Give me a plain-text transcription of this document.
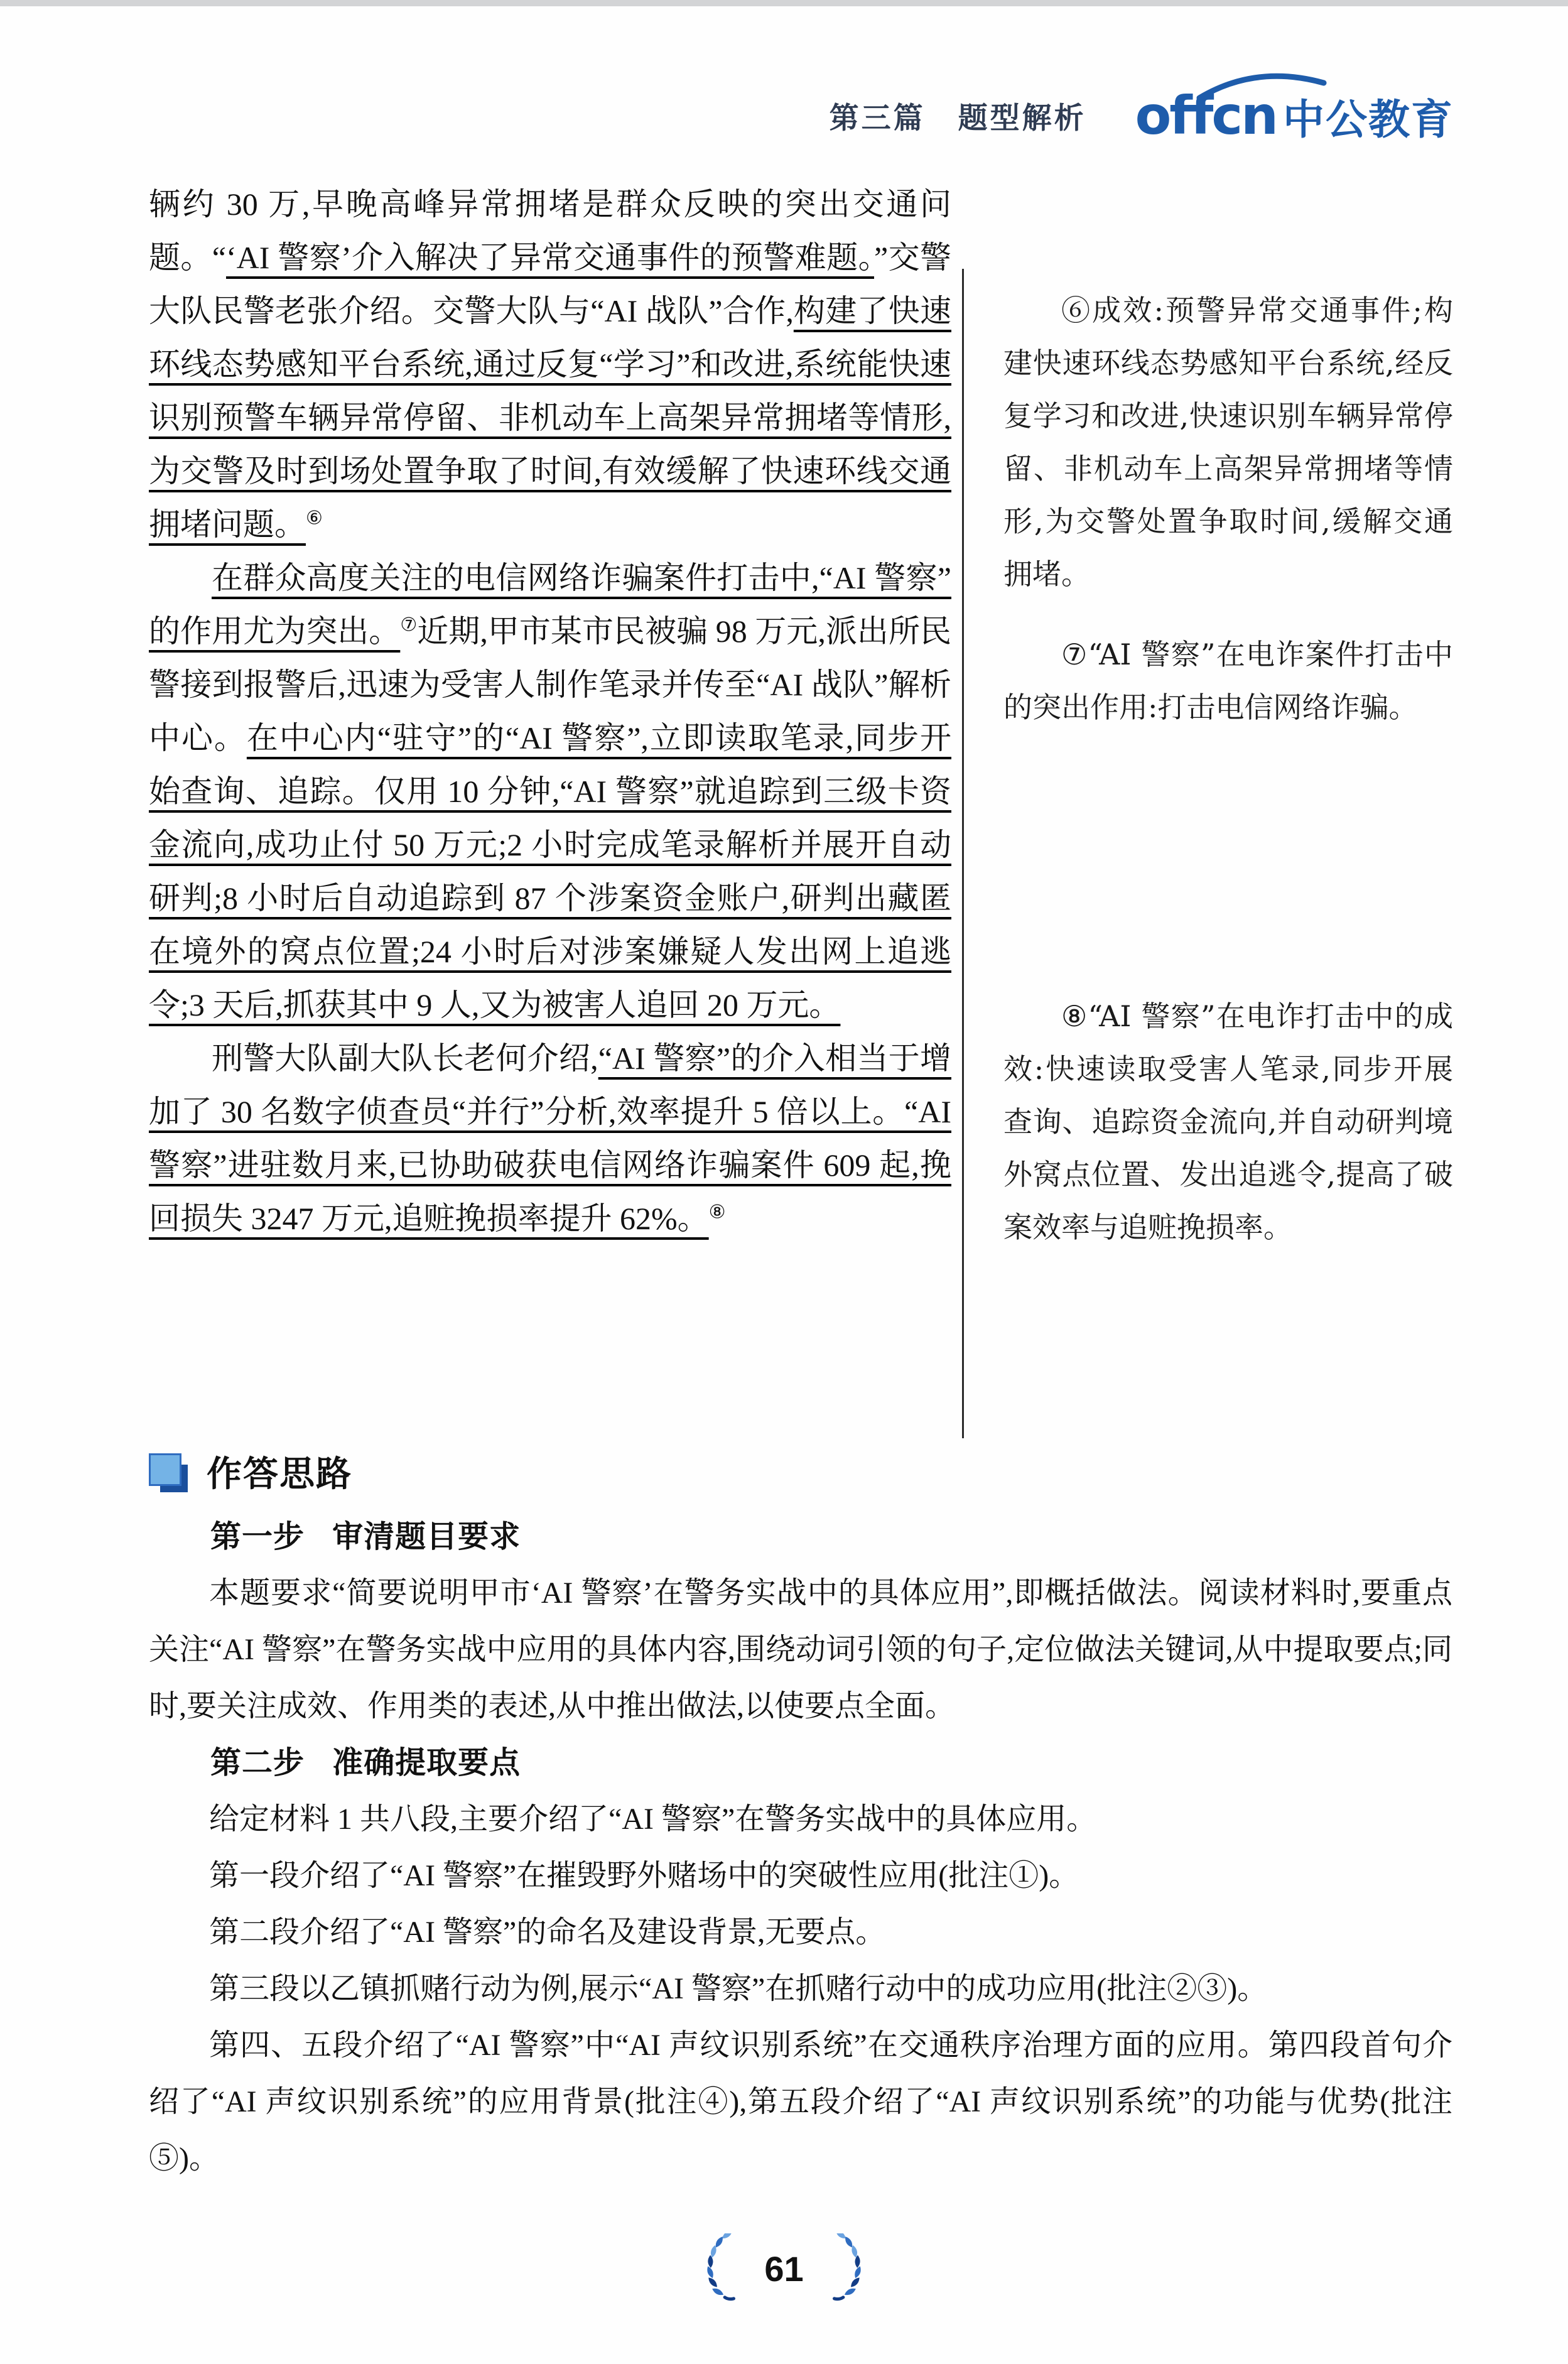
第三篇 题型解析 offcn 中公教育

辆约 30 万,早晚高峰异常拥堵是群众反映的突出交通问题。“‘AI 警察’介入解决了异常交通事件的预警难题。”交警大队民警老张介绍。交警大队与“AI 战队”合作,构建了快速环线态势感知平台系统,通过反复“学习”和改进,系统能快速识别预警车辆异常停留、非机动车上高架异常拥堵等情形,为交警及时到场处置争取了时间,有效缓解了快速环线交通拥堵问题。⑥

在群众高度关注的电信网络诈骗案件打击中,“AI 警察”的作用尤为突出。⑦近期,甲市某市民被骗 98 万元,派出所民警接到报警后,迅速为受害人制作笔录并传至“AI 战队”解析中心。在中心内“驻守”的“AI 警察”,立即读取笔录,同步开始查询、追踪。仅用 10 分钟,“AI 警察”就追踪到三级卡资金流向,成功止付 50 万元;2 小时完成笔录解析并展开自动研判;8 小时后自动追踪到 87 个涉案资金账户,研判出藏匿在境外的窝点位置;24 小时后对涉案嫌疑人发出网上追逃令;3 天后,抓获其中 9 人,又为被害人追回 20 万元。

刑警大队副大队长老何介绍,“AI 警察”的介入相当于增加了 30 名数字侦查员“并行”分析,效率提升 5 倍以上。“AI 警察”进驻数月来,已协助破获电信网络诈骗案件 609 起,挽回损失 3247 万元,追赃挽损率提升 62%。⑧

⑥成效:预警异常交通事件;构建快速环线态势感知平台系统,经反复学习和改进,快速识别车辆异常停留、非机动车上高架异常拥堵等情形,为交警处置争取时间,缓解交通拥堵。

⑦“AI 警察”在电诈案件打击中的突出作用:打击电信网络诈骗。

⑧“AI 警察”在电诈打击中的成效:快速读取受害人笔录,同步开展查询、追踪资金流向,并自动研判境外窝点位置、发出追逃令,提高了破案效率与追赃挽损率。

作答思路
第一步 审清题目要求

本题要求“简要说明甲市‘AI 警察’在警务实战中的具体应用”,即概括做法。阅读材料时,要重点关注“AI 警察”在警务实战中应用的具体内容,围绕动词引领的句子,定位做法关键词,从中提取要点;同时,要关注成效、作用类的表述,从中推出做法,以使要点全面。

第二步 准确提取要点

给定材料 1 共八段,主要介绍了“AI 警察”在警务实战中的具体应用。

第一段介绍了“AI 警察”在摧毁野外赌场中的突破性应用(批注①)。

第二段介绍了“AI 警察”的命名及建设背景,无要点。

第三段以乙镇抓赌行动为例,展示“AI 警察”在抓赌行动中的成功应用(批注②③)。

第四、五段介绍了“AI 警察”中“AI 声纹识别系统”在交通秩序治理方面的应用。第四段首句介绍了“AI 声纹识别系统”的应用背景(批注④),第五段介绍了“AI 声纹识别系统”的功能与优势(批注⑤)。

61
